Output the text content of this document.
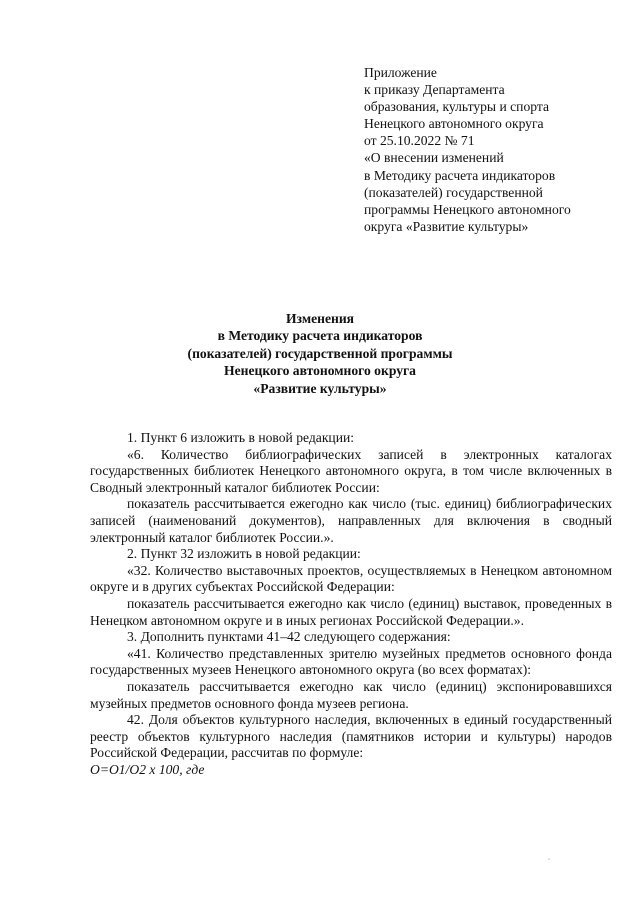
Приложение
к приказу Департамента
образования, культуры и спорта
Ненецкого автономного округа
от 25.10.2022 № 71
«О внесении изменений
в Методику расчета индикаторов
(показателей) государственной
программы Ненецкого автономного
округа «Развитие культуры»
Изменения
в Методику расчета индикаторов
(показателей) государственной программы
Ненецкого автономного округа
«Развитие культуры»

1. Пункт 6 изложить в новой редакции:

«6. Количество библиографических записей в электронных каталогах государственных библиотек Ненецкого автономного округа, в том числе включенных в Сводный электронный каталог библиотек России:

показатель рассчитывается ежегодно как число (тыс. единиц) библиографических записей (наименований документов), направленных для включения в сводный электронный каталог библиотек России.».

2. Пункт 32 изложить в новой редакции:

«32. Количество выставочных проектов, осуществляемых в Ненецком автономном округе и в других субъектах Российской Федерации:

показатель рассчитывается ежегодно как число (единиц) выставок, проведенных в Ненецком автономном округе и в иных регионах Российской Федерации.».

3. Дополнить пунктами 41–42 следующего содержания:

«41. Количество представленных зрителю музейных предметов основного фонда государственных музеев Ненецкого автономного округа (во всех форматах):

показатель рассчитывается ежегодно как число (единиц) экспонировавшихся музейных предметов основного фонда музеев региона.

42. Доля объектов культурного наследия, включенных в единый государственный реестр объектов культурного наследия (памятников истории и культуры) народов Российской Федерации, рассчитав по формуле:

О=О1/О2 х 100, где
